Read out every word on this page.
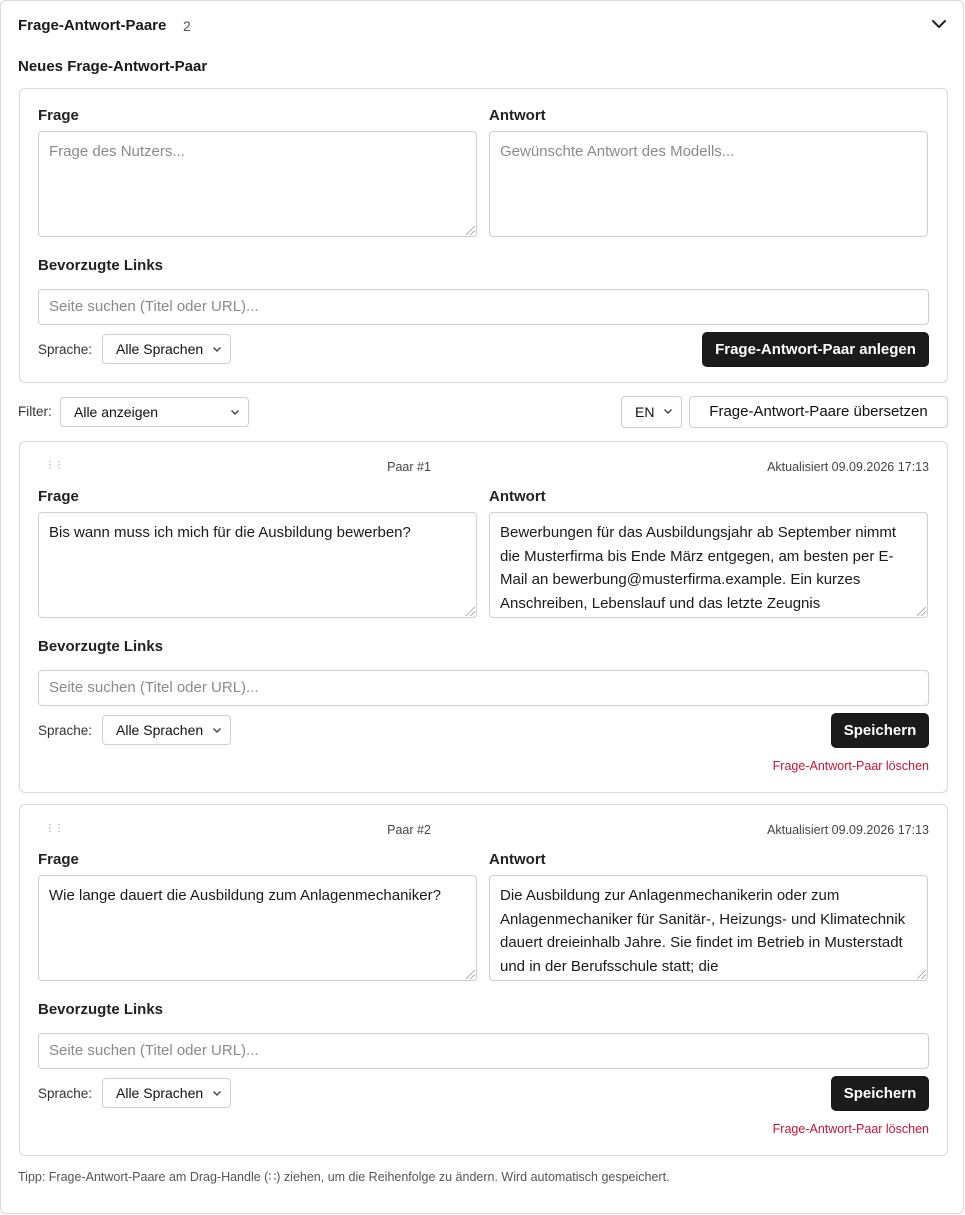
Frage-Antwort-Paare 2
Neues Frage-Antwort-Paar
Frage	Antwort
Frage des Nutzers...	Gewünschte Antwort des Modells...
Bevorzugte Links
Seite suchen (Titel oder URL)...
Sprache:	Alle Sprachen	Frage-Antwort-Paar anlegen
Filter:	Alle anzeigen	EN	Frage-Antwort-Paare übersetzen
⋮⋮	Paar #1	Aktualisiert 09.09.2026 17:13
Frage	Antwort
Bis wann muss ich mich für die Ausbildung bewerben?	Bewerbungen für das Ausbildungsjahr ab September nimmt die Musterfirma bis Ende März entgegen, am besten per E-Mail an bewerbung@musterfirma.example. Ein kurzes Anschreiben, Lebenslauf und das letzte Zeugnis
Bevorzugte Links
Seite suchen (Titel oder URL)...
Sprache:	Alle Sprachen	Speichern
Frage-Antwort-Paar löschen
⋮⋮	Paar #2	Aktualisiert 09.09.2026 17:13
Frage	Antwort
Wie lange dauert die Ausbildung zum Anlagenmechaniker?	Die Ausbildung zur Anlagenmechanikerin oder zum Anlagenmechaniker für Sanitär-, Heizungs- und Klimatechnik dauert dreieinhalb Jahre. Sie findet im Betrieb in Musterstadt und in der Berufsschule statt; die
Bevorzugte Links
Seite suchen (Titel oder URL)...
Sprache:	Alle Sprachen	Speichern
Frage-Antwort-Paar löschen
Tipp: Frage-Antwort-Paare am Drag-Handle (∷) ziehen, um die Reihenfolge zu ändern. Wird automatisch gespeichert.
